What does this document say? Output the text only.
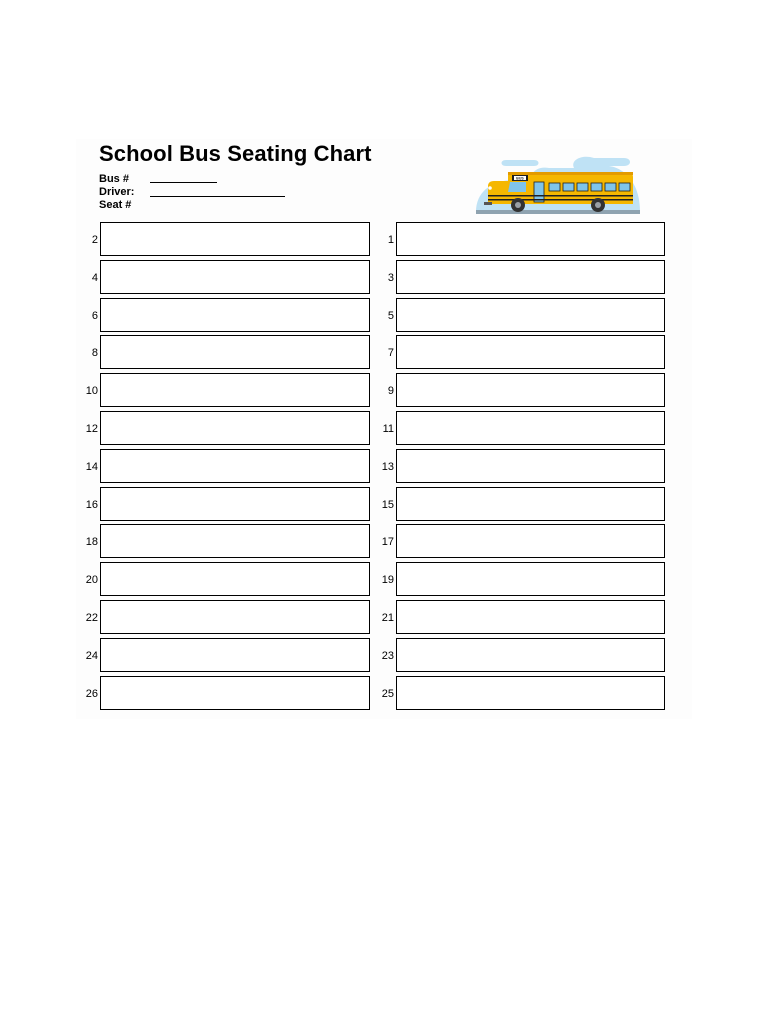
School Bus Seating Chart
Bus #
Driver:
Seat #
BUS
2	1
4	3
6	5
8	7
10	9
12	11
14	13
16	15
18	17
20	19
22	21
24	23
26	25
